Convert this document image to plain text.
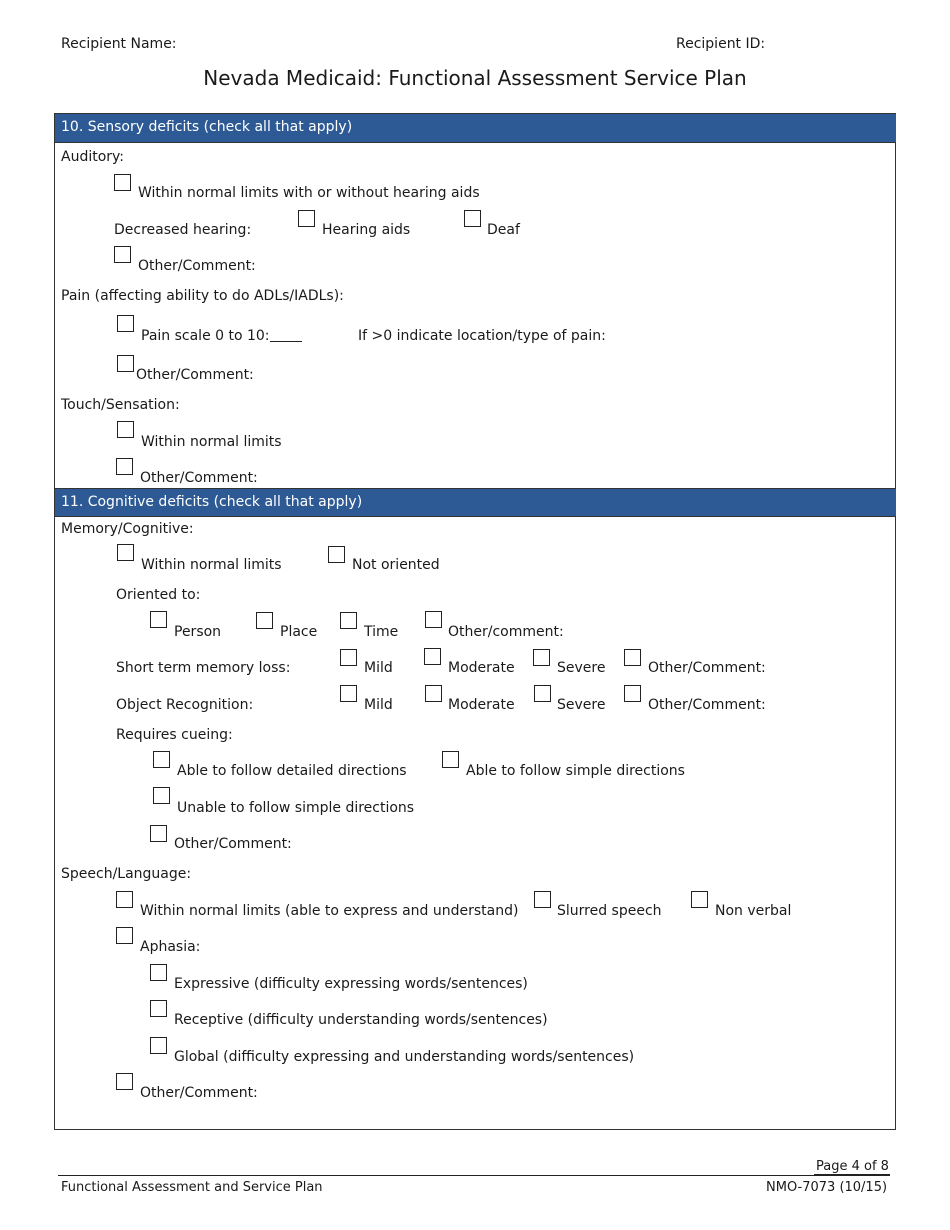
Recipient Name:	Recipient ID:
Nevada Medicaid: Functional Assessment Service Plan
10. Sensory deficits (check all that apply)
Auditory:
Within normal limits with or without hearing aids
Decreased hearing:	Hearing aids	Deaf
Other/Comment:
Pain (affecting ability to do ADLs/IADLs):
Pain scale 0 to 10:	If >0 indicate location/type of pain:
Other/Comment:
Touch/Sensation:
Within normal limits
Other/Comment:
11. Cognitive deficits (check all that apply)
Memory/Cognitive:
Within normal limits	Not oriented
Oriented to:
Person	Place	Time	Other/comment:
Short term memory loss:	Mild	Moderate	Severe	Other/Comment:
Object Recognition:	Mild	Moderate	Severe	Other/Comment:
Requires cueing:
Able to follow detailed directions	Able to follow simple directions
Unable to follow simple directions
Other/Comment:
Speech/Language:
Within normal limits (able to express and understand)	Slurred speech	Non verbal
Aphasia:
Expressive (difficulty expressing words/sentences)
Receptive (difficulty understanding words/sentences)
Global (difficulty expressing and understanding words/sentences)
Other/Comment:
Page 4 of 8
Functional Assessment and Service Plan	NMO-7073 (10/15)
